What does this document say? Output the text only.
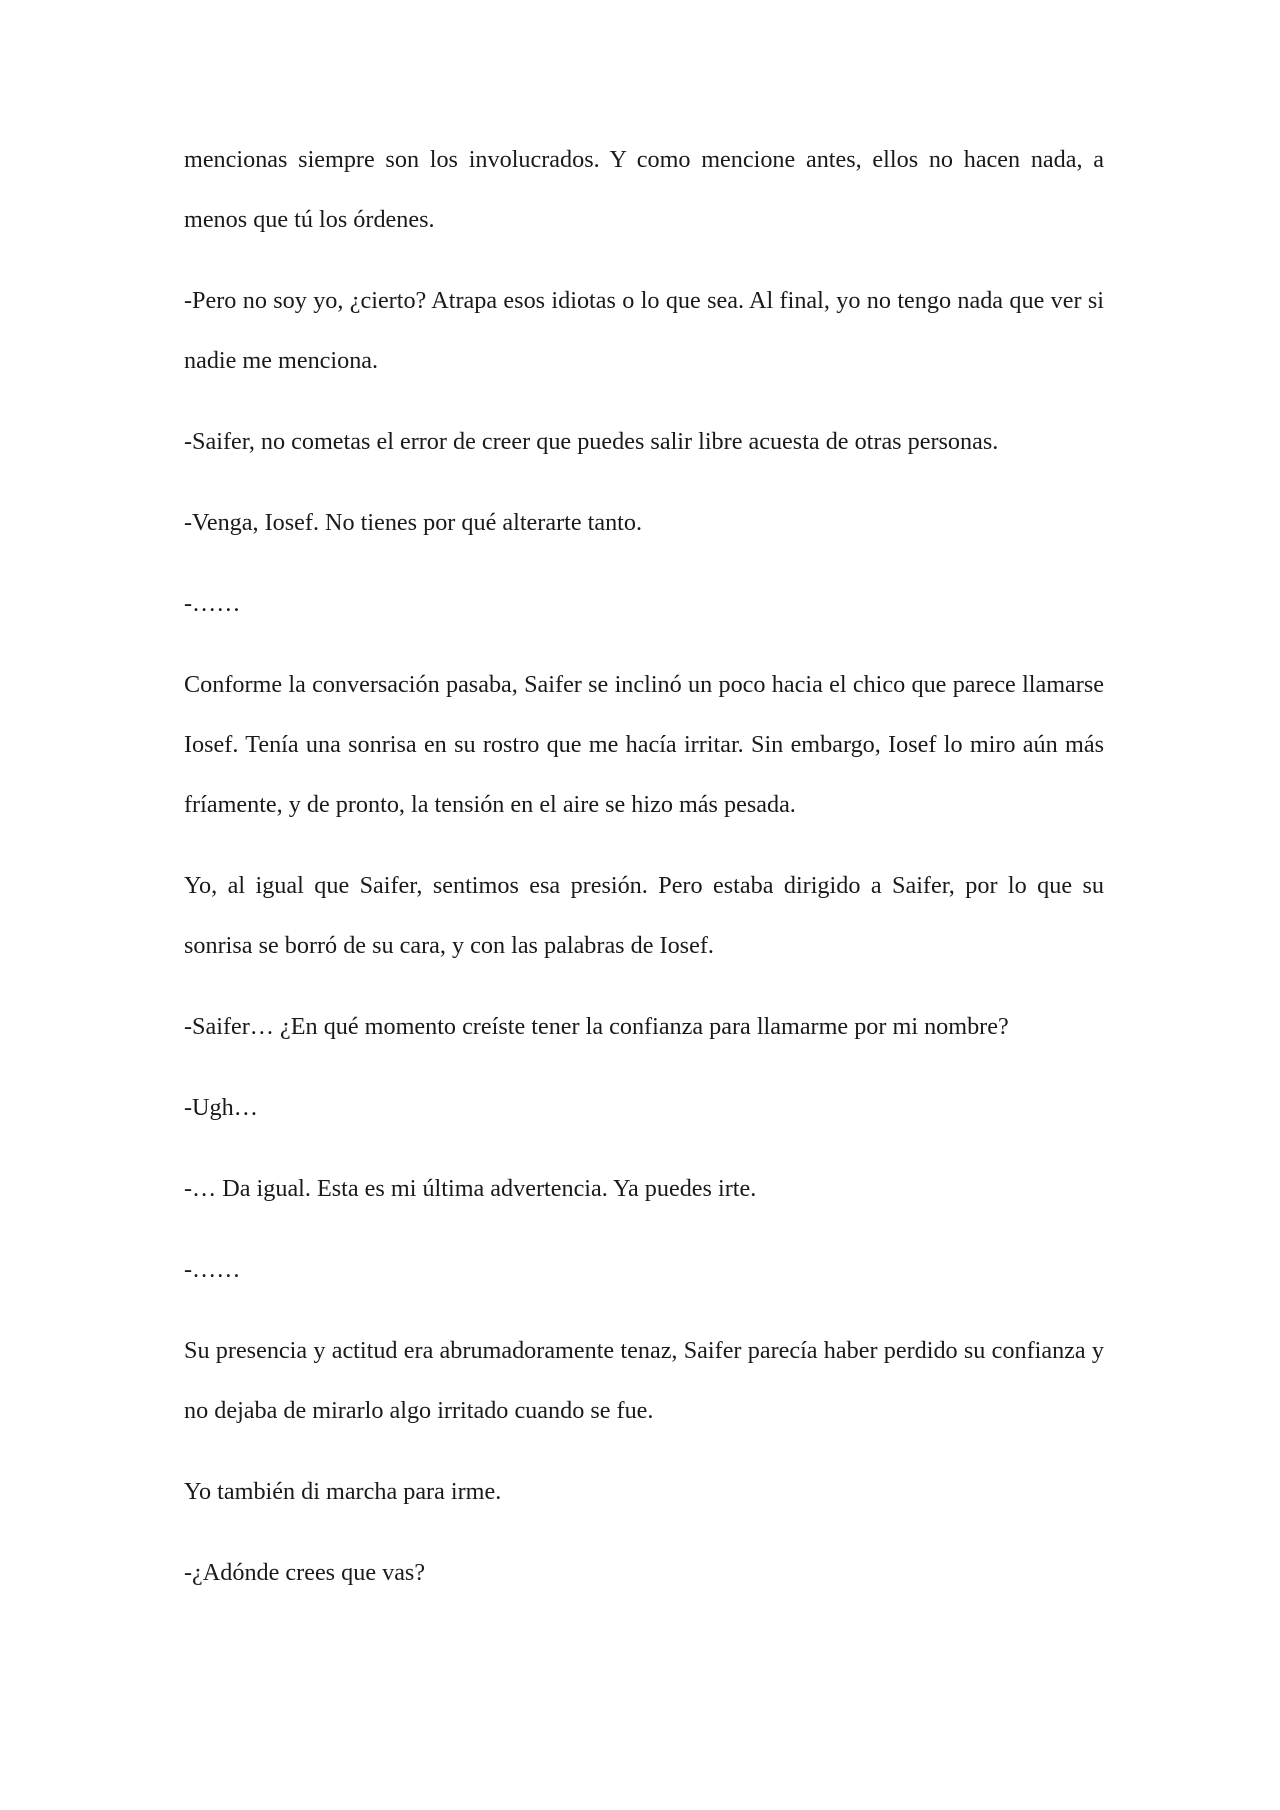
mencionas siempre son los involucrados. Y como mencione antes, ellos no hacen nada, a menos que tú los órdenes.

-Pero no soy yo, ¿cierto? Atrapa esos idiotas o lo que sea. Al final, yo no tengo nada que ver si nadie me menciona.

-Saifer, no cometas el error de creer que puedes salir libre acuesta de otras personas.

-Venga, Iosef. No tienes por qué alterarte tanto.

-……

Conforme la conversación pasaba, Saifer se inclinó un poco hacia el chico que parece llamarse Iosef. Tenía una sonrisa en su rostro que me hacía irritar. Sin embargo, Iosef lo miro aún más fríamente, y de pronto, la tensión en el aire se hizo más pesada.

Yo, al igual que Saifer, sentimos esa presión. Pero estaba dirigido a Saifer, por lo que su sonrisa se borró de su cara, y con las palabras de Iosef.

-Saifer… ¿En qué momento creíste tener la confianza para llamarme por mi nombre?

-Ugh…

-… Da igual. Esta es mi última advertencia. Ya puedes irte.

-……

Su presencia y actitud era abrumadoramente tenaz, Saifer parecía haber perdido su confianza y no dejaba de mirarlo algo irritado cuando se fue.

Yo también di marcha para irme.

-¿Adónde crees que vas?
